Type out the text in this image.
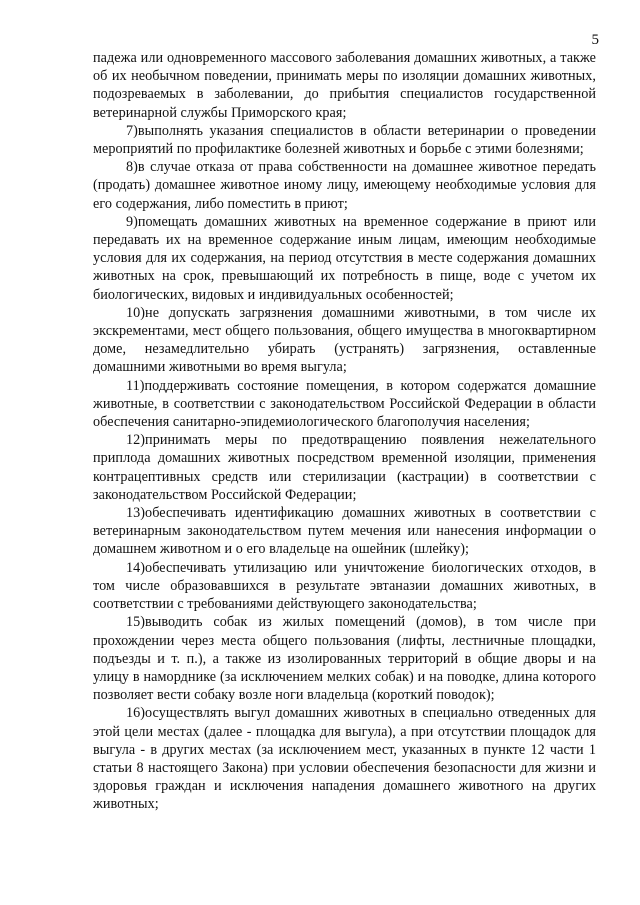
5

падежа или одновременного массового заболевания домашних животных, а также об их необычном поведении, принимать меры по изоляции домашних животных, подозреваемых в заболевании, до прибытия специалистов государственной ветеринарной службы Приморского края;

7)выполнять указания специалистов в области ветеринарии о проведении мероприятий по профилактике болезней животных и борьбе с этими болезнями;

8)в случае отказа от права собственности на домашнее животное передать (продать) домашнее животное иному лицу, имеющему необходимые условия для его содержания, либо поместить в приют;

9)помещать домашних животных на временное содержание в приют или передавать их на временное содержание иным лицам, имеющим необходимые условия для их содержания, на период отсутствия в месте содержания домашних животных на срок, превышающий их потребность в пище, воде с учетом их биологических, видовых и индивидуальных особенностей;

10)не допускать загрязнения домашними животными, в том числе их экскрементами, мест общего пользования, общего имущества в многоквартирном доме, незамедлительно убирать (устранять) загрязнения, оставленные домашними животными во время выгула;

11)поддерживать состояние помещения, в котором содержатся домашние животные, в соответствии с законодательством Российской Федерации в области обеспечения санитарно-эпидемиологического благополучия населения;

12)принимать меры по предотвращению появления нежелательного приплода домашних животных посредством временной изоляции, применения контрацептивных средств или стерилизации (кастрации) в соответствии с законодательством Российской Федерации;

13)обеспечивать идентификацию домашних животных в соответствии с ветеринарным законодательством путем мечения или нанесения информации о домашнем животном и о его владельце на ошейник (шлейку);

14)обеспечивать утилизацию или уничтожение биологических отходов, в том числе образовавшихся в результате эвтаназии домашних животных, в соответствии с требованиями действующего законодательства;

15)выводить собак из жилых помещений (домов), в том числе при прохождении через места общего пользования (лифты, лестничные площадки, подъезды и т. п.), а также из изолированных территорий в общие дворы и на улицу в наморднике (за исключением мелких собак) и на поводке, длина которого позволяет вести собаку возле ноги владельца (короткий поводок);

16)осуществлять выгул домашних животных в специально отведенных для этой цели местах (далее - площадка для выгула), а при отсутствии площадок для выгула - в других местах (за исключением мест, указанных в пункте 12 части 1 статьи 8 настоящего Закона) при условии обеспечения безопасности для жизни и здоровья граждан и исключения нападения домашнего животного на других животных;
